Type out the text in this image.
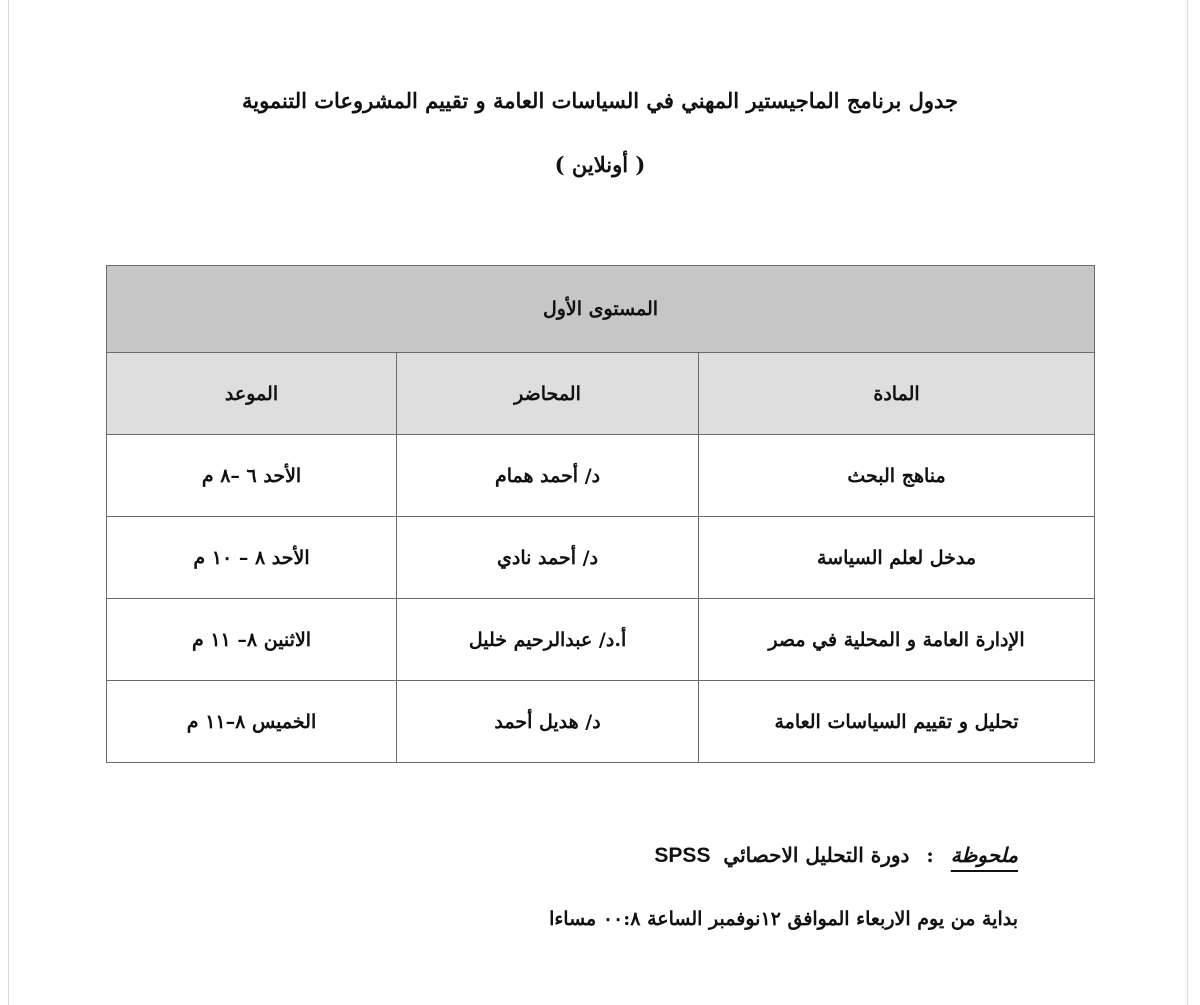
جدول برنامج الماجيستير المهني في السياسات العامة و تقييم المشروعات التنموية
( أونلاين )
المستوى الأول		
المادة	المحاضر	الموعد
مناهج البحث	د/ أحمد همام	الأحد ٦ –٨ م
مدخل لعلم السياسة	د/ أحمد نادي	الأحد ٨ – ١٠ م
الإدارة العامة و المحلية في مصر	أ.د/ عبدالرحيم خليل	الاثنين ٨– ١١ م
تحليل و تقييم السياسات العامة	د/ هديل أحمد	الخميس ٨–١١ م
ملحوظة : دورة التحليل الاحصائي SPSS
بداية من يوم الاربعاء الموافق ١٢نوفمبر الساعة ٠٠:٨ مساءا
